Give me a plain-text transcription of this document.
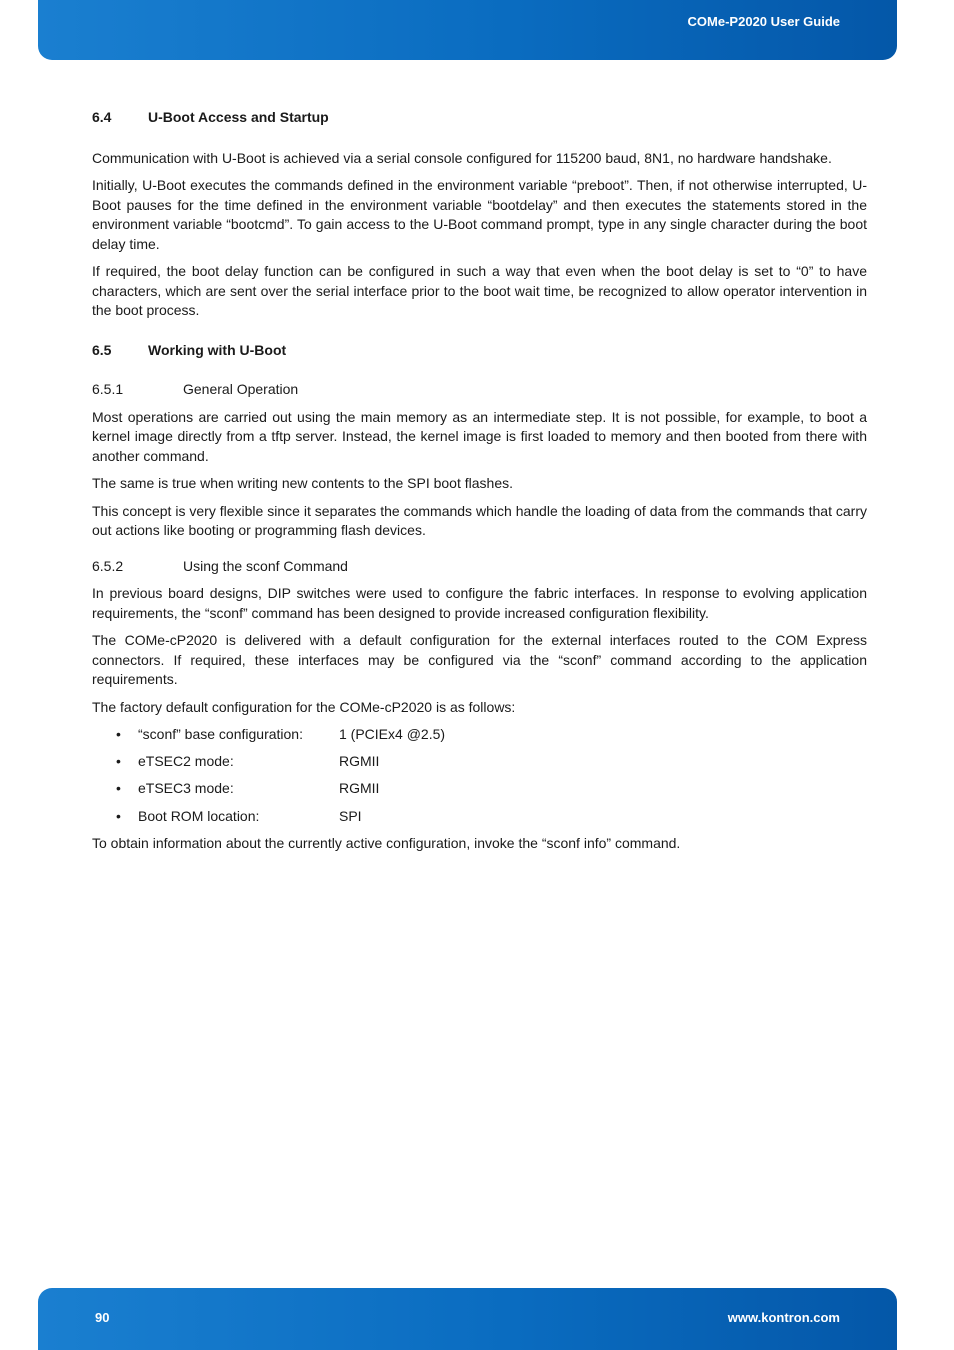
COMe-P2020 User Guide
6.4	U-Boot Access and Startup

Communication with U-Boot is achieved via a serial console configured for 115200 baud, 8N1, no hardware handshake.

Initially, U-Boot executes the commands defined in the environment variable “preboot”. Then, if not otherwise interrupted, U-Boot pauses for the time defined in the environment variable “bootdelay” and then executes the statements stored in the environment variable “bootcmd”. To gain access to the U-Boot command prompt, type in any single character during the boot delay time.

If required, the boot delay function can be configured in such a way that even when the boot delay is set to “0” to have characters, which are sent over the serial interface prior to the boot wait time, be recognized to allow operator intervention in the boot process.

6.5	Working with U-Boot
6.5.1	General Operation

Most operations are carried out using the main memory as an intermediate step. It is not possible, for example, to boot a kernel image directly from a tftp server. Instead, the kernel image is first loaded to memory and then booted from there with another command.

The same is true when writing new contents to the SPI boot flashes.

This concept is very flexible since it separates the commands which handle the loading of data from the commands that carry out actions like booting or programming flash devices.

6.5.2	Using the sconf Command

In previous board designs, DIP switches were used to configure the fabric interfaces. In response to evolving application requirements, the “sconf” command has been designed to provide increased configuration flexibility.

The COMe-cP2020 is delivered with a default configuration for the external interfaces routed to the COM Express connectors. If required, these interfaces may be configured via the “sconf” command according to the application requirements.

The factory default configuration for the COMe-cP2020 is as follows:

• “sconf” base configuration:	1 (PCIEx4 @2.5)
• eTSEC2 mode:	RGMII
• eTSEC3 mode:	RGMII
• Boot ROM location:	SPI

To obtain information about the currently active configuration, invoke the “sconf info” command.

90	www.kontron.com
